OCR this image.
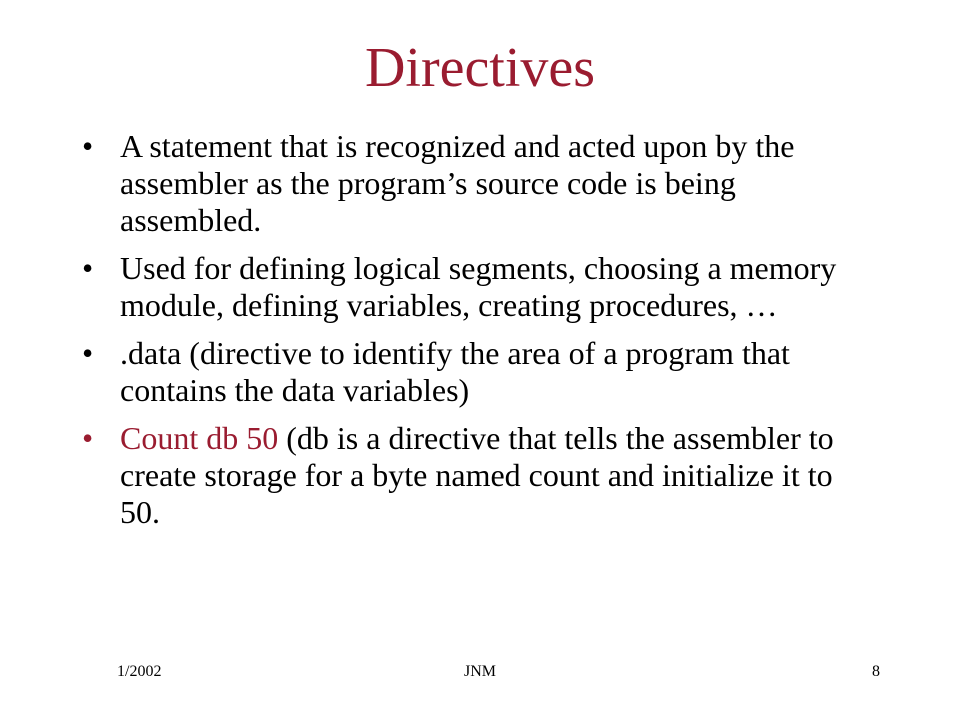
Directives
• A statement that is recognized and acted upon by the assembler as the program’s source code is being assembled.
• Used for defining logical segments, choosing a memory module, defining variables, creating procedures, …
• .data (directive to identify the area of a program that contains the data variables)
• Count db 50 (db is a directive that tells the assembler to create storage for a byte named count and initialize it to 50.
1/2002	JNM	8
